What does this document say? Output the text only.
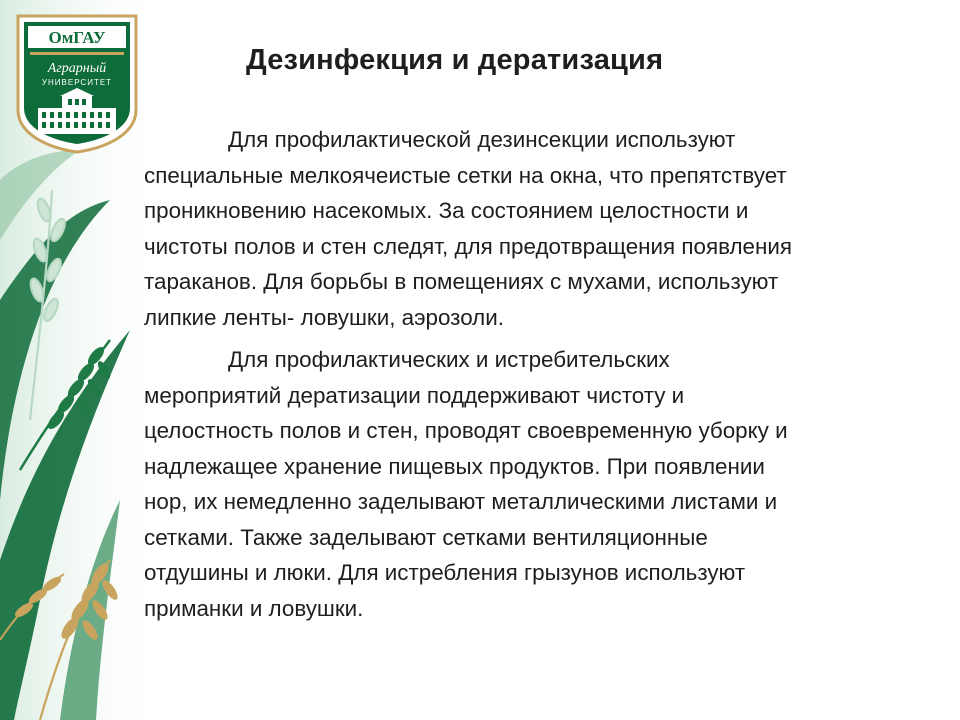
ОмГАУ
Аграрный
УНИВЕРСИТЕТ
Дезинфекция и дератизация
Для профилактической дезинсекции используют
специальные мелкоячеистые сетки на окна, что препятствует
проникновению насекомых. За состоянием целостности и
чистоты полов и стен следят, для предотвращения появления
тараканов. Для борьбы в помещениях с мухами, используют
липкие ленты- ловушки, аэрозоли.
Для профилактических и истребительских
мероприятий дератизации поддерживают чистоту и
целостность полов и стен, проводят своевременную уборку и
надлежащее хранение пищевых продуктов. При появлении
нор, их немедленно заделывают металлическими листами и
сетками. Также заделывают сетками вентиляционные
отдушины и люки. Для истребления грызунов используют
приманки и ловушки.
